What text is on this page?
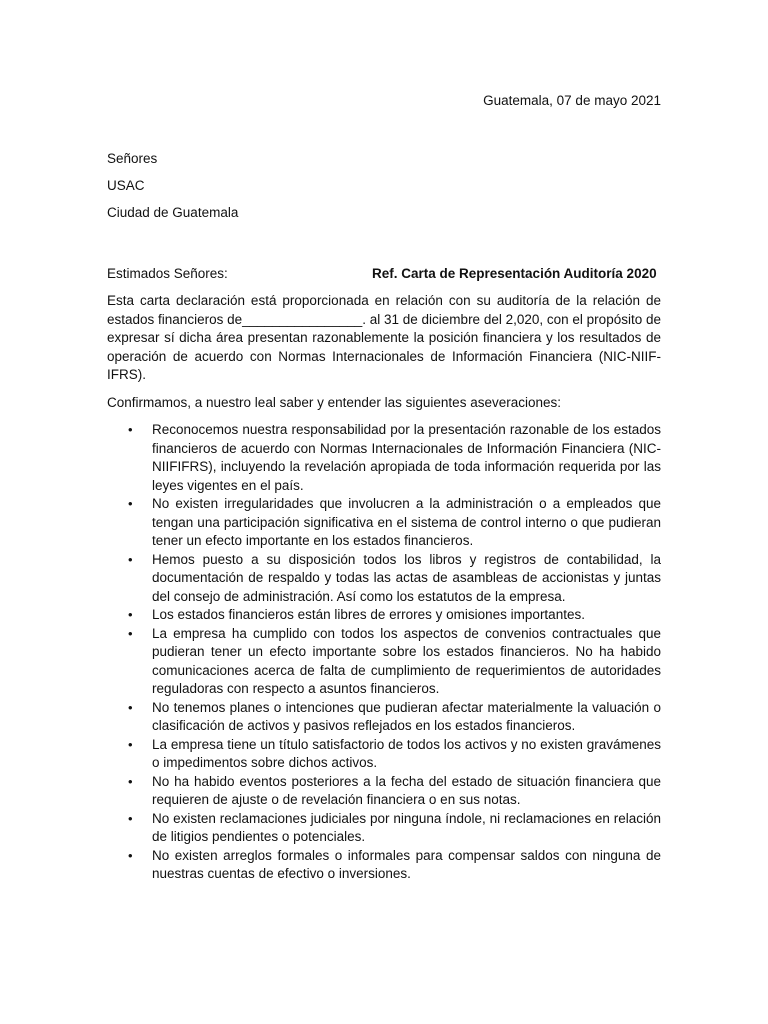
Guatemala, 07 de mayo 2021
Señores
USAC
Ciudad de Guatemala
Estimados Señores:	Ref. Carta de Representación Auditoría 2020

Esta carta declaración está proporcionada en relación con su auditoría de la relación de estados financieros de________________. al 31 de diciembre del 2,020, con el propósito de expresar sí dicha área presentan razonablemente la posición financiera y los resultados de operación de acuerdo con Normas Internacionales de Información Financiera (NIC-NIIF-IFRS).

Confirmamos, a nuestro leal saber y entender las siguientes aseveraciones:

• Reconocemos nuestra responsabilidad por la presentación razonable de los estados financieros de acuerdo con Normas Internacionales de Información Financiera (NIC-NIIFIFRS), incluyendo la revelación apropiada de toda información requerida por las leyes vigentes en el país.
• No existen irregularidades que involucren a la administración o a empleados que tengan una participación significativa en el sistema de control interno o que pudieran tener un efecto importante en los estados financieros.
• Hemos puesto a su disposición todos los libros y registros de contabilidad, la documentación de respaldo y todas las actas de asambleas de accionistas y juntas del consejo de administración. Así como los estatutos de la empresa.
• Los estados financieros están libres de errores y omisiones importantes.
• La empresa ha cumplido con todos los aspectos de convenios contractuales que pudieran tener un efecto importante sobre los estados financieros. No ha habido comunicaciones acerca de falta de cumplimiento de requerimientos de autoridades reguladoras con respecto a asuntos financieros.
• No tenemos planes o intenciones que pudieran afectar materialmente la valuación o clasificación de activos y pasivos reflejados en los estados financieros.
• La empresa tiene un título satisfactorio de todos los activos y no existen gravámenes o impedimentos sobre dichos activos.
• No ha habido eventos posteriores a la fecha del estado de situación financiera que requieren de ajuste o de revelación financiera o en sus notas.
• No existen reclamaciones judiciales por ninguna índole, ni reclamaciones en relación de litigios pendientes o potenciales.
• No existen arreglos formales o informales para compensar saldos con ninguna de nuestras cuentas de efectivo o inversiones.
